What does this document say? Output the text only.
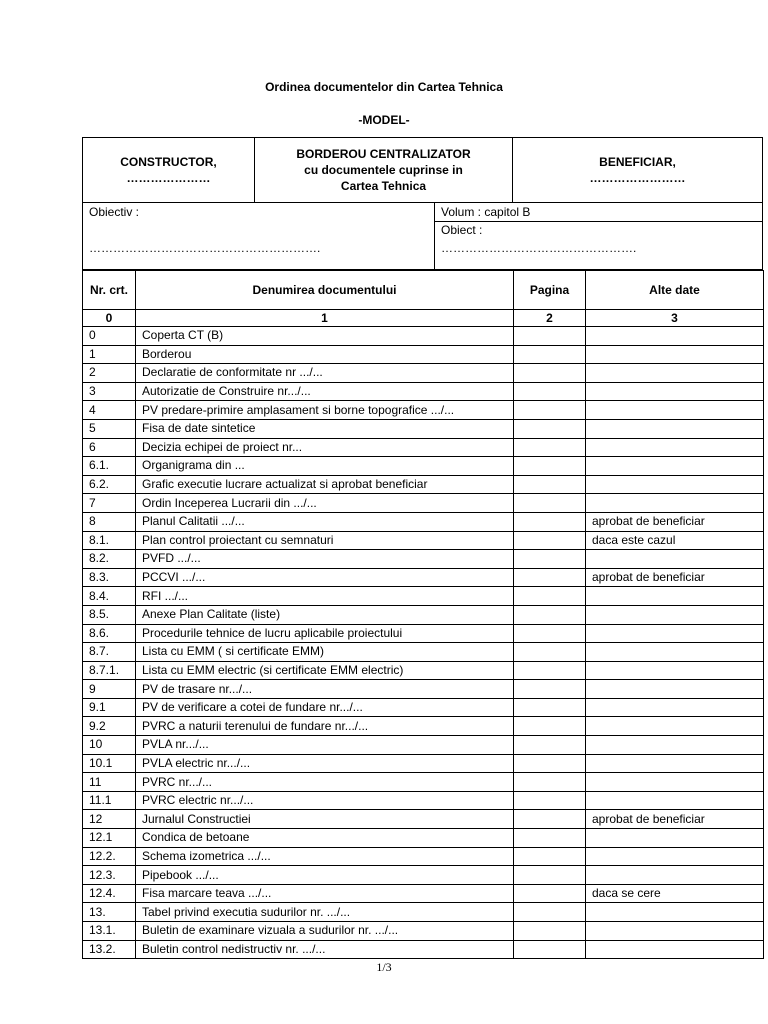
Ordinea documentelor din Cartea Tehnica
-MODEL-
CONSTRUCTOR,
…………………
BORDEROU CENTRALIZATOR
cu documentele cuprinse in
Cartea Tehnica
BENEFICIAR,
……………………
Obiectiv :
………………………………………………….
Volum : capitol B
Obiect :
………………………………………….
Nr. crt.	Denumirea documentului	Pagina	Alte date
0	1	2	3
0	Coperta CT (B)		
1	Borderou		
2	Declaratie de conformitate nr .../...		
3	Autorizatie de Construire nr.../...		
4	PV predare-primire amplasament si borne topografice .../...		
5	Fisa de date sintetice		
6	Decizia echipei de proiect nr...		
6.1.	Organigrama din ...		
6.2.	Grafic executie lucrare actualizat si aprobat beneficiar		
7	Ordin Inceperea Lucrarii din .../...		
8	Planul Calitatii .../...		aprobat de beneficiar
8.1.	Plan control proiectant cu semnaturi		daca este cazul
8.2.	PVFD .../...		
8.3.	PCCVI .../...		aprobat de beneficiar
8.4.	RFI .../...		
8.5.	Anexe Plan Calitate (liste)		
8.6.	Procedurile tehnice de lucru aplicabile proiectului		
8.7.	Lista cu EMM ( si certificate EMM)		
8.7.1.	Lista cu EMM electric (si certificate EMM electric)		
9	PV de trasare nr.../...		
9.1	PV de verificare a cotei de fundare nr.../...		
9.2	PVRC a naturii terenului de fundare nr.../...		
10	PVLA nr.../...		
10.1	PVLA electric nr.../...		
11	PVRC nr.../...		
11.1	PVRC electric nr.../...		
12	Jurnalul Constructiei		aprobat de beneficiar
12.1	Condica de betoane		
12.2.	Schema izometrica .../...		
12.3.	Pipebook .../...		
12.4.	Fisa marcare teava .../...		daca se cere
13.	Tabel privind executia sudurilor nr. .../...		
13.1.	Buletin de examinare vizuala a sudurilor nr. .../...		
13.2.	Buletin control nedistructiv nr. .../...		
1/3
